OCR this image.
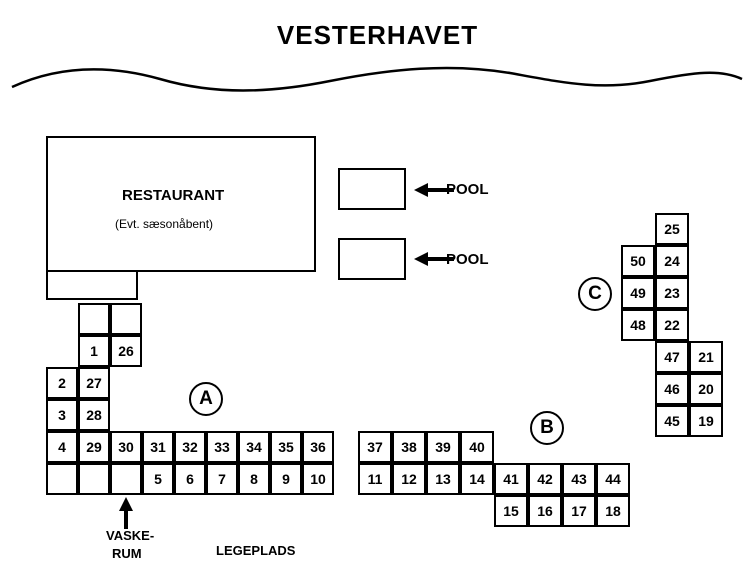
VESTERHAVET
RESTAURANT
(Evt. sæsonåbent)
POOL
POOL
1	26
2	27
3	28
4	29	30	31	32	33	34	35	36
5	6	7	8	9	10
A
VASKE-
RUM	LEGEPLADS
37	38	39	40
11	12	13	14	41	42	43	44
15	16	17	18
B
25
50	24
49	23
48	22
47	21
46	20
45	19
C
